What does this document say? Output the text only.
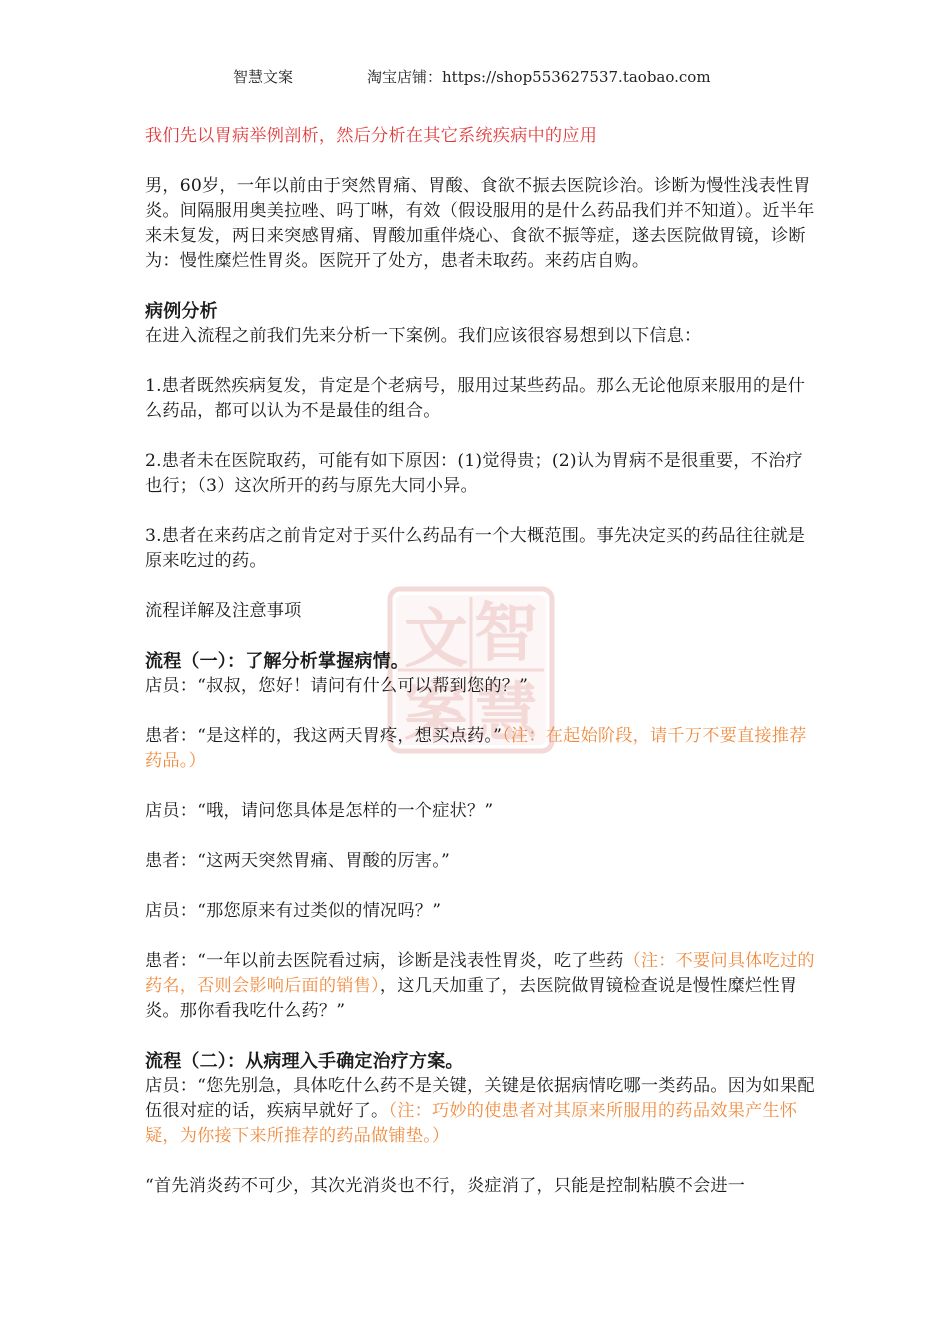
智慧文案	淘宝店铺：https://shop553627537.taobao.com
智
文
慧
案

我们先以胃病举例剖析，然后分析在其它系统疾病中的应用

男，60岁，一年以前由于突然胃痛、胃酸、食欲不振去医院诊治。诊断为慢性浅表性胃炎。间隔服用奥美拉唑、吗丁啉，有效（假设服用的是什么药品我们并不知道）。近半年来未复发，两日来突感胃痛、胃酸加重伴烧心、食欲不振等症，遂去医院做胃镜，诊断为：慢性糜烂性胃炎。医院开了处方，患者未取药。来药店自购。

病例分析

在进入流程之前我们先来分析一下案例。我们应该很容易想到以下信息：

1.患者既然疾病复发，肯定是个老病号，服用过某些药品。那么无论他原来服用的是什么药品，都可以认为不是最佳的组合。

2.患者未在医院取药，可能有如下原因：(1)觉得贵；(2)认为胃病不是很重要，不治疗也行；（3）这次所开的药与原先大同小异。

3.患者在来药店之前肯定对于买什么药品有一个大概范围。事先决定买的药品往往就是原来吃过的药。

流程详解及注意事项

流程（一）：了解分析掌握病情。

店员：“叔叔，您好！请问有什么可以帮到您的？”

患者：“是这样的，我这两天胃疼，想买点药。”（注：在起始阶段，请千万不要直接推荐药品。）

店员：“哦，请问您具体是怎样的一个症状？”

患者：“这两天突然胃痛、胃酸的厉害。”

店员：“那您原来有过类似的情况吗？”

患者：“一年以前去医院看过病，诊断是浅表性胃炎，吃了些药（注：不要问具体吃过的药名，否则会影响后面的销售），这几天加重了，去医院做胃镜检查说是慢性糜烂性胃炎。那你看我吃什么药？”

流程（二）：从病理入手确定治疗方案。

店员：“您先别急，具体吃什么药不是关键，关键是依据病情吃哪一类药品。因为如果配伍很对症的话，疾病早就好了。（注：巧妙的使患者对其原来所服用的药品效果产生怀疑，为你接下来所推荐的药品做铺垫。）

“首先消炎药不可少，其次光消炎也不行，炎症消了，只能是控制粘膜不会进一
